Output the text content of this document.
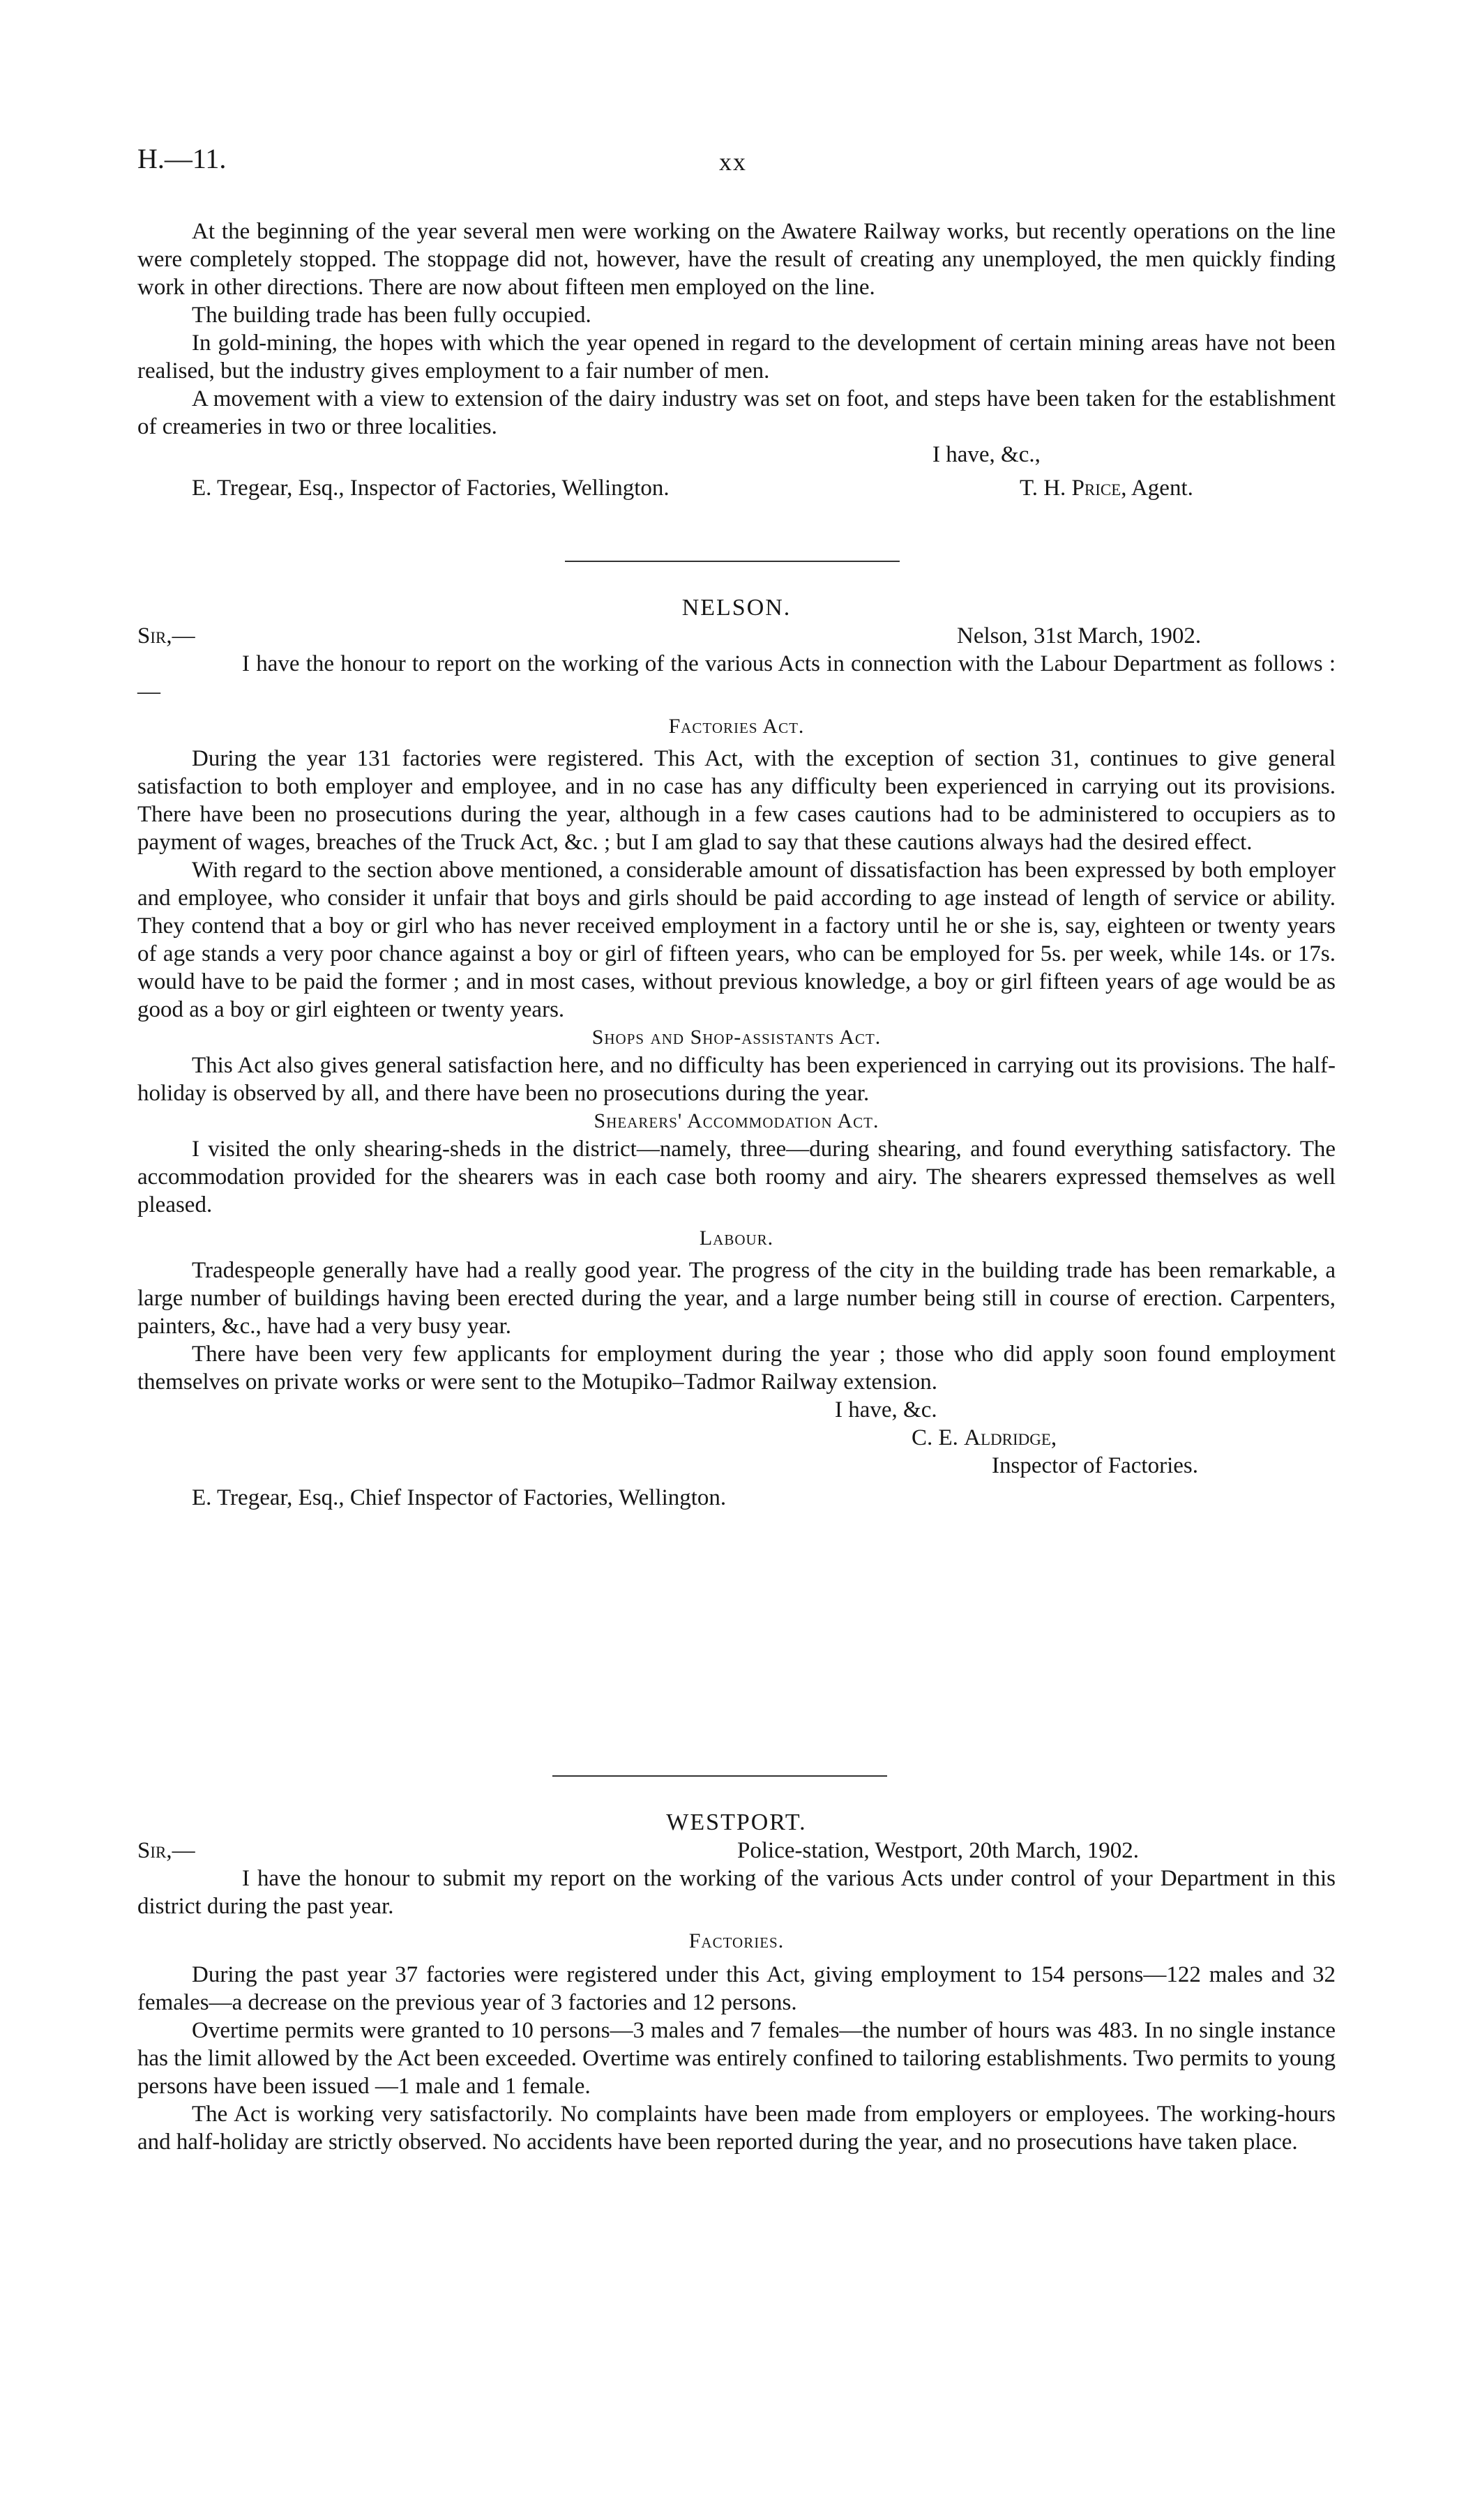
H.—11.	xx

At the beginning of the year several men were working on the Awatere Railway works, but recently operations on the line were completely stopped. The stoppage did not, however, have the result of creating any unemployed, the men quickly finding work in other directions. There are now about fifteen men employed on the line.

The building trade has been fully occupied.

In gold-mining, the hopes with which the year opened in regard to the development of certain mining areas have not been realised, but the industry gives employment to a fair number of men.

A movement with a view to extension of the dairy industry was set on foot, and steps have been taken for the establishment of creameries in two or three localities.

I have, &c.,
E. Tregear, Esq., Inspector of Factories, Wellington.	T. H. Price, Agent.
NELSON.
Sir,—	Nelson, 31st March, 1902.

I have the honour to report on the working of the various Acts in connection with the Labour Department as follows :—

Factories Act.

During the year 131 factories were registered. This Act, with the exception of section 31, continues to give general satisfaction to both employer and employee, and in no case has any difficulty been experienced in carrying out its provisions. There have been no prosecutions during the year, although in a few cases cautions had to be administered to occupiers as to payment of wages, breaches of the Truck Act, &c. ; but I am glad to say that these cautions always had the desired effect.

With regard to the section above mentioned, a considerable amount of dissatisfaction has been expressed by both employer and employee, who consider it unfair that boys and girls should be paid according to age instead of length of service or ability. They contend that a boy or girl who has never received employment in a factory until he or she is, say, eighteen or twenty years of age stands a very poor chance against a boy or girl of fifteen years, who can be employed for 5s. per week, while 14s. or 17s. would have to be paid the former ; and in most cases, without previous knowledge, a boy or girl fifteen years of age would be as good as a boy or girl eighteen or twenty years.

Shops and Shop-assistants Act.

This Act also gives general satisfaction here, and no difficulty has been experienced in carrying out its provisions. The half-holiday is observed by all, and there have been no prosecutions during the year.

Shearers' Accommodation Act.

I visited the only shearing-sheds in the district—namely, three—during shearing, and found everything satisfactory. The accommodation provided for the shearers was in each case both roomy and airy. The shearers expressed themselves as well pleased.

Labour.

Tradespeople generally have had a really good year. The progress of the city in the building trade has been remarkable, a large number of buildings having been erected during the year, and a large number being still in course of erection. Carpenters, painters, &c., have had a very busy year.

There have been very few applicants for employment during the year ; those who did apply soon found employment themselves on private works or were sent to the Motupiko–Tadmor Railway extension.

I have, &c.
C. E. Aldridge,
Inspector of Factories.
E. Tregear, Esq., Chief Inspector of Factories, Wellington.
WESTPORT.
Sir,—	Police-station, Westport, 20th March, 1902.

I have the honour to submit my report on the working of the various Acts under control of your Department in this district during the past year.

Factories.

During the past year 37 factories were registered under this Act, giving employment to 154 persons—122 males and 32 females—a decrease on the previous year of 3 factories and 12 persons.

Overtime permits were granted to 10 persons—3 males and 7 females—the number of hours was 483. In no single instance has the limit allowed by the Act been exceeded. Overtime was entirely confined to tailoring establishments. Two permits to young persons have been issued —1 male and 1 female.

The Act is working very satisfactorily. No complaints have been made from employers or employees. The working-hours and half-holiday are strictly observed. No accidents have been reported during the year, and no prosecutions have taken place.
